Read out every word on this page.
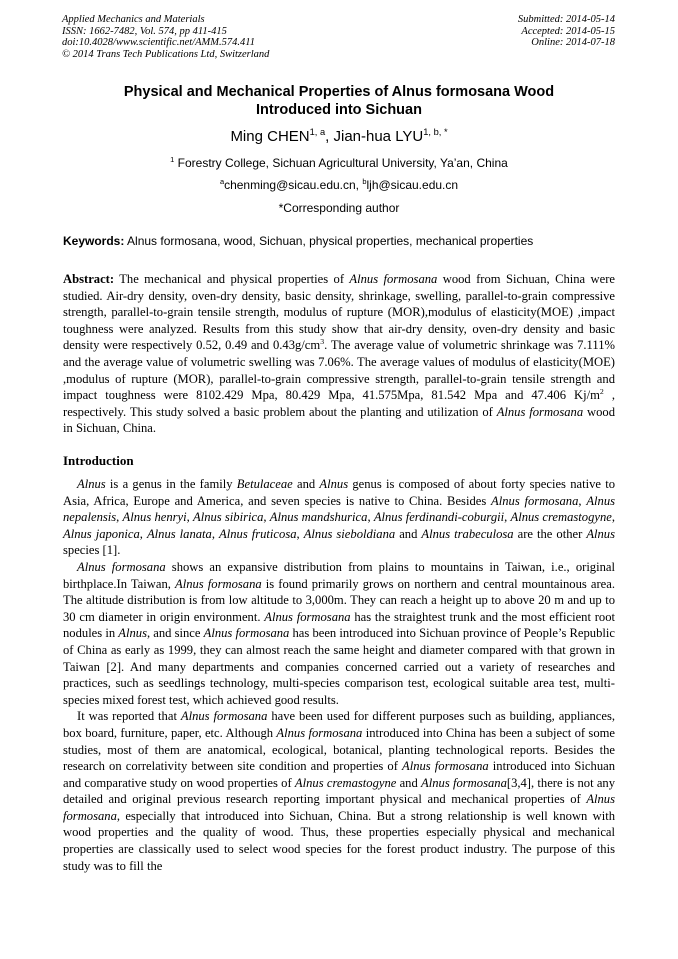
Applied Mechanics and Materials
ISSN: 1662-7482, Vol. 574, pp 411-415
doi:10.4028/www.scientific.net/AMM.574.411
© 2014 Trans Tech Publications Ltd, Switzerland
Submitted: 2014-05-14
Accepted: 2014-05-15
Online: 2014-07-18
Physical and Mechanical Properties of Alnus formosana Wood
Introduced into Sichuan
Ming CHEN$^{1, a}$, Jian-hua $LYU^{1, b, *}$
$^1$ Forestry College, Sichuan Agricultural University, Ya’an, China
$^a$chenming@sicau.edu.cn, $^b$ljh@sicau.edu.cn
*Corresponding author
Keywords: Alnus formosana, wood, Sichuan, physical properties, mechanical properties
Abstract: The mechanical and physical properties of Alnus formosana wood from Sichuan, China were studied. Air-dry density, oven-dry density, basic density, shrinkage, swelling, parallel-to-grain compressive strength, parallel-to-grain tensile strength, modulus of rupture (MOR),modulus of elasticity(MOE) ,impact toughness were analyzed. Results from this study show that air-dry density, oven-dry density and basic density were respectively 0.52, 0.49 and $0.43g/cm^3$. The average value of volumetric shrinkage was 7.111% and the average value of volumetric swelling was 7.06%. The average values of modulus of elasticity(MOE) ,modulus of rupture (MOR), parallel-to-grain compressive strength, parallel-to-grain tensile strength and impact toughness were 8102.429 Mpa, 80.429 Mpa, 41.575Mpa, 81.542 Mpa and 47.406 $Kj/m^2$ , respectively. This study solved a basic problem about the planting and utilization of Alnus formosana wood in Sichuan, China.
Introduction

Alnus is a genus in the family Betulaceae and Alnus genus is composed of about forty species native to Asia, Africa, Europe and America, and seven species is native to China. Besides Alnus formosana, Alnus nepalensis, Alnus henryi, Alnus sibirica, Alnus mandshurica, Alnus ferdinandi-coburgii, Alnus cremastogyne, Alnus japonica, Alnus lanata, Alnus fruticosa, Alnus sieboldiana and Alnus trabeculosa are the other Alnus species [1].

Alnus formosana shows an expansive distribution from plains to mountains in Taiwan, i.e., original birthplace.In Taiwan, Alnus formosana is found primarily grows on northern and central mountainous area. The altitude distribution is from low altitude to 3,000m. They can reach a height up to above 20 m and up to 30 cm diameter in origin environment. Alnus formosana has the straightest trunk and the most efficient root nodules in Alnus, and since Alnus formosana has been introduced into Sichuan province of People’s Republic of China as early as 1999, they can almost reach the same height and diameter compared with that grown in Taiwan [2]. And many departments and companies concerned carried out a variety of researches and practices, such as seedlings technology, multi-species comparison test, ecological suitable area test, multi-species mixed forest test, which achieved good results.

It was reported that Alnus formosana have been used for different purposes such as building, appliances, box board, furniture, paper, etc. Although Alnus formosana introduced into China has been a subject of some studies, most of them are anatomical, ecological, botanical, planting technological reports. Besides the research on correlativity between site condition and properties of Alnus formosana introduced into Sichuan and comparative study on wood properties of Alnus cremastogyne and Alnus formosana[3,4], there is not any detailed and original previous research reporting important physical and mechanical properties of Alnus formosana, especially that introduced into Sichuan, China. But a strong relationship is well known with wood properties and the quality of wood. Thus, these properties especially physical and mechanical properties are classically used to select wood species for the forest product industry. The purpose of this study was to fill the
